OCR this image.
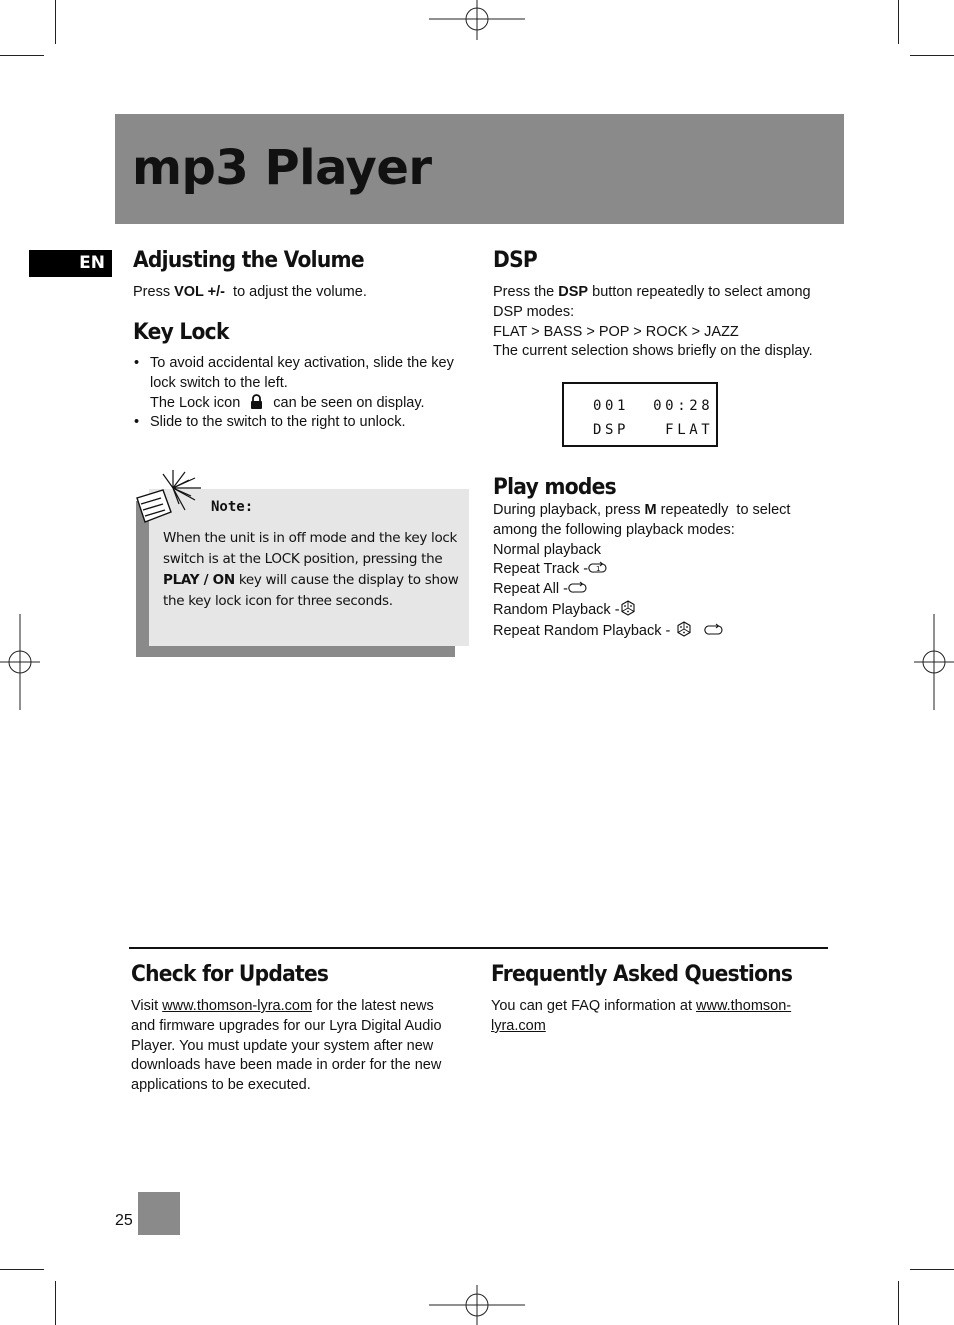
mp3 Player
EN	Adjusting the Volume

Press VOL +/-  to adjust the volume.

Key Lock
• To avoid accidental key activation, slide the key
lock switch to the left.
The Lock icon can be seen on display.
• Slide to the switch to the right to unlock.
Note:

When the unit is in off mode and the key lock switch is at the LOCK position, pressing the PLAY / ON key will cause the display to show the key lock icon for three seconds.

DSP

Press the DSP button repeatedly to select among
DSP modes:
FLAT > BASS > POP > ROCK > JAZZ
The current selection shows briefly on the display.

001  00:28
DSP   FLAT
Play modes

During playback, press M repeatedly  to select
among the following playback modes:
Normal playback
Repeat Track - 1

Repeat All -
Random Playback -
Repeat Random Playback -

Check for Updates

Visit www.thomson-lyra.com for the latest news
and firmware upgrades for our Lyra Digital Audio
Player. You must update your system after new
downloads have been made in order for the new
applications to be executed.

Frequently Asked Questions

You can get FAQ information at www.thomson-
lyra.com

25
